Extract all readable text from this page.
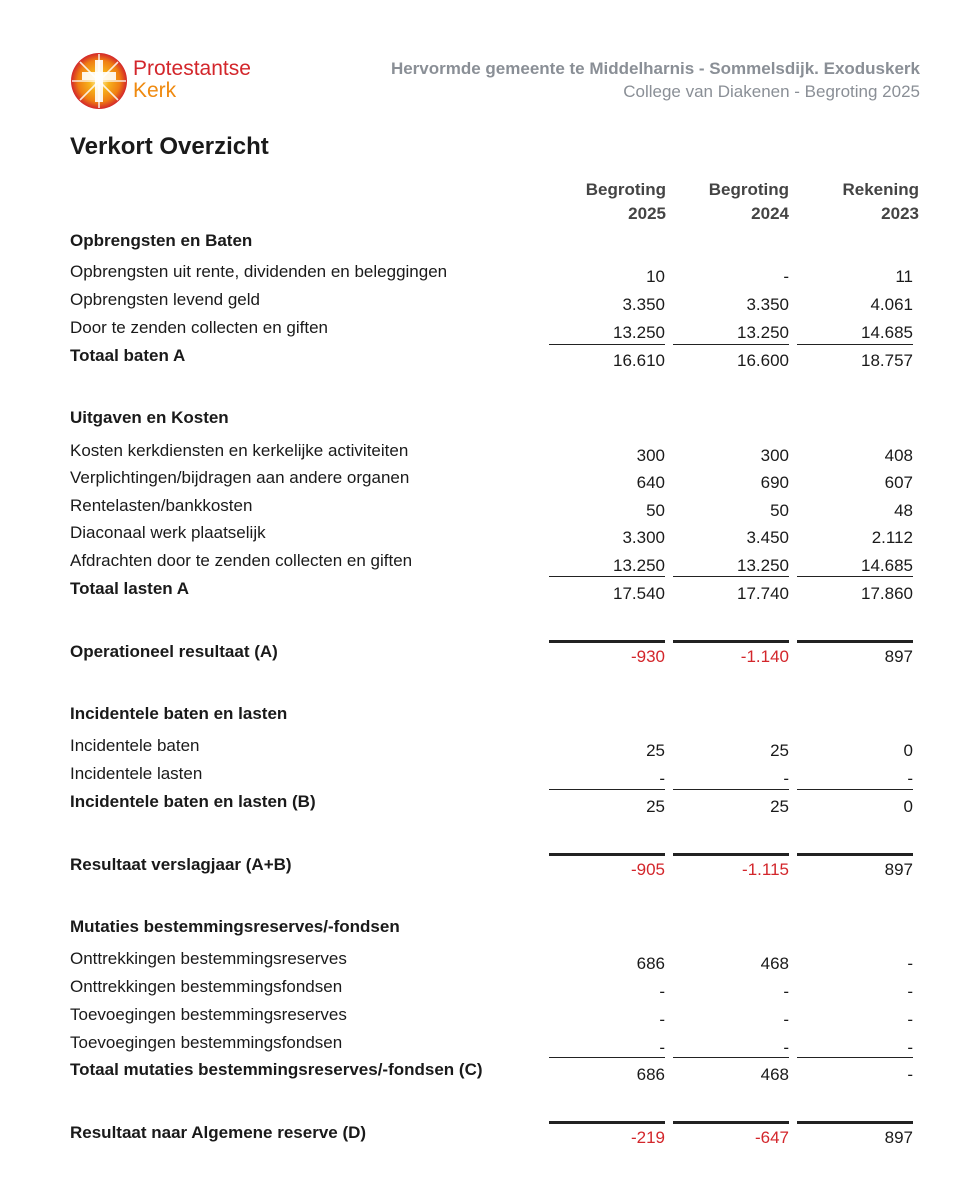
Protestantse
Kerk
Hervormde gemeente te Middelharnis - Sommelsdijk. Exoduskerk
College van Diakenen - Begroting 2025
Verkort Overzicht
Begroting
2025
Begroting
2024
Rekening
2023
Opbrengsten en Baten
Opbrengsten uit rente, dividenden en beleggingen	10	-	11
Opbrengsten levend geld	3.350	3.350	4.061
Door te zenden collecten en giften	13.250	13.250	14.685
Totaal baten A	16.610	16.600	18.757
Uitgaven en Kosten
Kosten kerkdiensten en kerkelijke activiteiten	300	300	408
Verplichtingen/bijdragen aan andere organen	640	690	607
Rentelasten/bankkosten	50	50	48
Diaconaal werk plaatselijk	3.300	3.450	2.112
Afdrachten door te zenden collecten en giften	13.250	13.250	14.685
Totaal lasten A	17.540	17.740	17.860
Operationeel resultaat (A)	-930	-1.140	897
Incidentele baten en lasten
Incidentele baten	25	25	0
Incidentele lasten	-	-	-
Incidentele baten en lasten (B)	25	25	0
Resultaat verslagjaar (A+B)	-905	-1.115	897
Mutaties bestemmingsreserves/-fondsen
Onttrekkingen bestemmingsreserves	686	468	-
Onttrekkingen bestemmingsfondsen	-	-	-
Toevoegingen bestemmingsreserves	-	-	-
Toevoegingen bestemmingsfondsen	-	-	-
Totaal mutaties bestemmingsreserves/-fondsen (C)	686	468	-
Resultaat naar Algemene reserve (D)	-219	-647	897
